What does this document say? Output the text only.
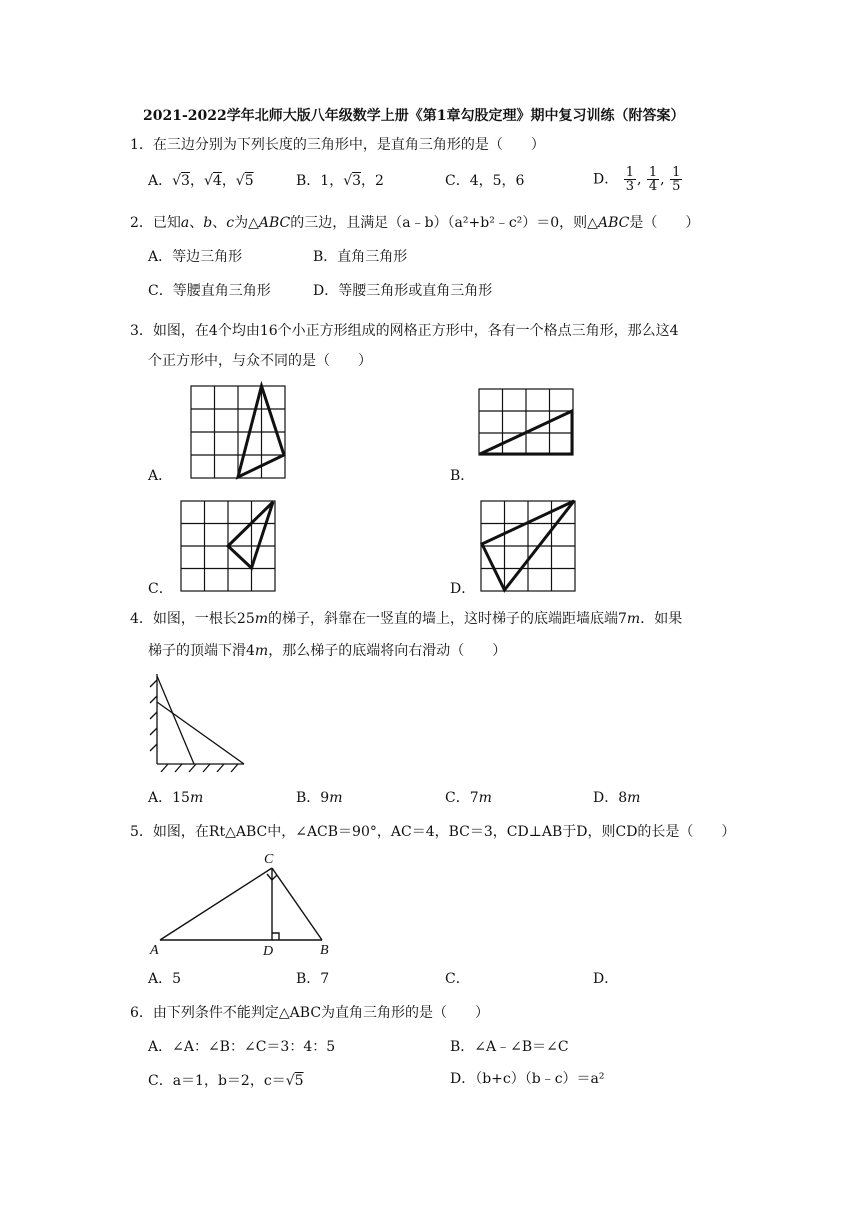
2021-2022学年北师大版八年级数学上册《第1章勾股定理》期中复习训练（附答案）
1．在三边分别为下列长度的三角形中，是直角三角形的是（　　）
A．√3，√4，√5	B．1，√3，2	C．4，5，6	D． $\frac{1}{3}$ , $\frac{1}{4}$ , $\frac{1}{5}$
2．已知a、b、c为△ABC的三边，且满足（a﹣b）（a²+b²﹣c²）＝0，则△ABC是（　　）
A．等边三角形	B．直角三角形
C．等腰直角三角形	D．等腰三角形或直角三角形
3．如图，在4个均由16个小正方形组成的网格正方形中，各有一个格点三角形，那么这4
个正方形中，与众不同的是（　　）
A．	B．
C．	D．
4．如图，一根长25m的梯子，斜靠在一竖直的墙上，这时梯子的底端距墙底端7m．如果
梯子的顶端下滑4m，那么梯子的底端将向右滑动（　　）
A．15m	B．9m	C．7m	D．8m
5．如图，在Rt△ABC中，∠ACB＝90°，AC＝4，BC＝3，CD⊥AB于D，则CD的长是（　　）
C
A	D	B
A．5	B．7	C．	D．
6．由下列条件不能判定△ABC为直角三角形的是（　　）
A．∠A：∠B：∠C＝3：4：5	B．∠A﹣∠B＝∠C
C．a＝1，b＝2，c＝√5	D．（b+c）（b﹣c）＝a²
